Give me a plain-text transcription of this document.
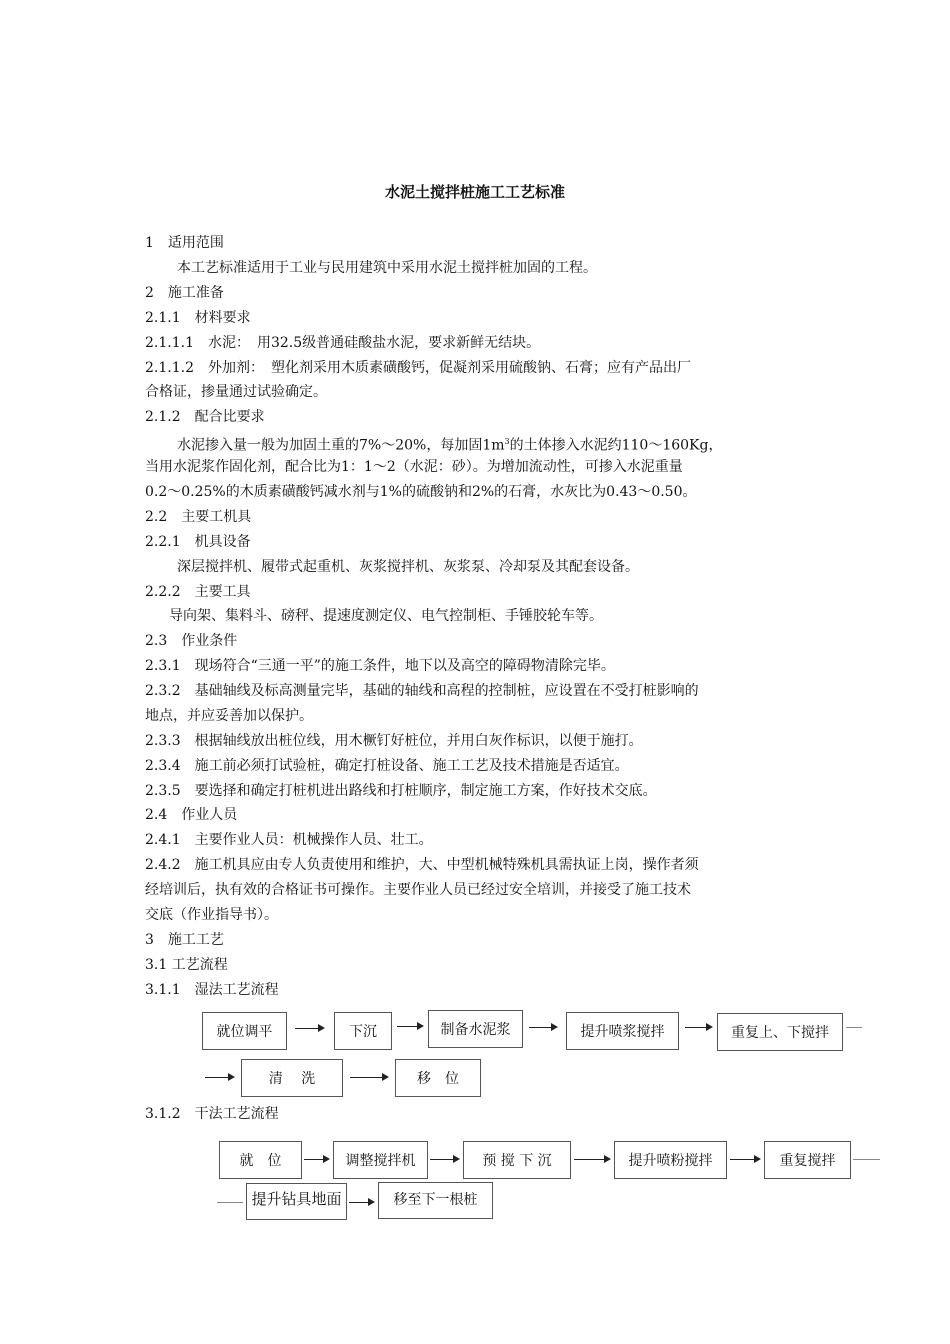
水泥土搅拌桩施工工艺标准
1　适用范围
本工艺标准适用于工业与民用建筑中采用水泥土搅拌桩加固的工程。
2　施工准备
2.1.1　材料要求
2.1.1.1　水泥：　用32.5级普通硅酸盐水泥，要求新鲜无结块。
2.1.1.2　外加剂：　塑化剂采用木质素磺酸钙，促凝剂采用硫酸钠、石膏；应有产品出厂
合格证，掺量通过试验确定。
2.1.2　配合比要求
水泥掺入量一般为加固土重的7%～20%，每加固$1m^3$的土体掺入水泥约110～160Kg，
当用水泥浆作固化剂，配合比为1：1～2（水泥：砂）。为增加流动性，可掺入水泥重量
0.2～0.25%的木质素磺酸钙减水剂与1%的硫酸钠和2%的石膏，水灰比为0.43～0.50。
2.2　主要工机具
2.2.1　机具设备
深层搅拌机、履带式起重机、灰浆搅拌机、灰浆泵、冷却泵及其配套设备。
2.2.2　主要工具
导向架、集料斗、磅秤、提速度测定仪、电气控制柜、手锤胶轮车等。
2.3　作业条件
2.3.1　现场符合“三通一平”的施工条件，地下以及高空的障碍物清除完毕。
2.3.2　基础轴线及标高测量完毕，基础的轴线和高程的控制桩，应设置在不受打桩影响的
地点，并应妥善加以保护。
2.3.3　根据轴线放出桩位线，用木橛钉好桩位，并用白灰作标识，以便于施打。
2.3.4　施工前必须打试验桩，确定打桩设备、施工工艺及技术措施是否适宜。
2.3.5　要选择和确定打桩机进出路线和打桩顺序，制定施工方案，作好技术交底。
2.4　作业人员
2.4.1　主要作业人员：机械操作人员、壮工。
2.4.2　施工机具应由专人负责使用和维护，大、中型机械特殊机具需执证上岗，操作者须
经培训后，执有效的合格证书可操作。主要作业人员已经过安全培训，并接受了施工技术
交底（作业指导书）。
3　施工工艺
3.1 工艺流程
3.1.1　湿法工艺流程
就位调平	下沉	制备水泥浆	提升喷浆搅拌	重复上、下搅拌
清　 洗	移　位
3.1.2　干法工艺流程
就　位	调整搅拌机	预 搅 下 沉	提升喷粉搅拌	重复搅拌
提升钻具地面	移至下一根桩
